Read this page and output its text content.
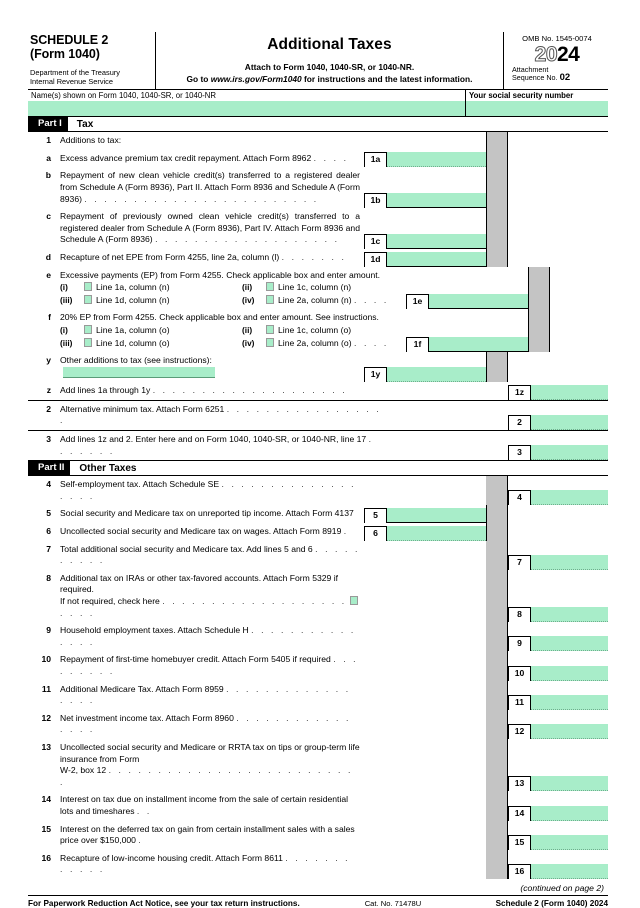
SCHEDULE 2
(Form 1040)
Department of the Treasury
Internal Revenue Service
Additional Taxes
Attach to Form 1040, 1040-SR, or 1040-NR.
Go to www.irs.gov/Form1040 for instructions and the latest information.
OMB No. 1545-0074
2024
Attachment
Sequence No. 02
Name(s) shown on Form 1040, 1040-SR, or 1040-NR	Your social security number
Part I	Tax
1	Additions to tax:
a	Excess advance premium tax credit repayment. Attach Form 8962 . . . .	1a
b	Repayment of new clean vehicle credit(s) transferred to a registered dealer from Schedule A (Form 8936), Part II. Attach Form 8936 and Schedule A (Form 8936) . . . . . . . . . . . . . . . . . . . . . . . .	1b
c	Repayment of previously owned clean vehicle credit(s) transferred to a registered dealer from Schedule A (Form 8936), Part IV. Attach Form 8936 and Schedule A (Form 8936) . . . . . . . . . . . . . . . . . . .	1c
d	Recapture of net EPE from Form 4255, line 2a, column (l) . . . . . . .	1d
e	Excessive payments (EP) from Form 4255. Check applicable box and enter amount.
(i)	Line 1a, column (n)	(ii)	Line 1c, column (n)
(iii)	Line 1d, column (n)	(iv)	Line 2a, column (n) . . . .	1e
f	20% EP from Form 4255. Check applicable box and enter amount. See instructions.
(i)	Line 1a, column (o)	(ii)	Line 1c, column (o)
(iii)	Line 1d, column (o)	(iv)	Line 2a, column (o) . . . .	1f
y	Other additions to tax (see instructions):
1y
z	Add lines 1a through 1y . . . . . . . . . . . . . . . . . . . .	1z
2	Alternative minimum tax. Attach Form 6251 . . . . . . . . . . . . . . . . .	2
3	Add lines 1z and 2. Enter here and on Form 1040, 1040-SR, or 1040-NR, line 17 . . . . . . .	3
Part II	Other Taxes
4	Self-employment tax. Attach Schedule SE . . . . . . . . . . . . . . . . . .	4
5	Social security and Medicare tax on unreported tip income. Attach Form 4137	5
6	Uncollected social security and Medicare tax on wages. Attach Form 8919 .	6
7	Total additional social security and Medicare tax. Add lines 5 and 6 . . . . . . . . . .	7
8	Additional tax on IRAs or other tax-favored accounts. Attach Form 5329 if required.
If not required, check here . . . . . . . . . . . . . . . . . . . . . . .	8
9	Household employment taxes. Attach Schedule H . . . . . . . . . . . . . . .	9
10	Repayment of first-time homebuyer credit. Attach Form 5405 if required . . . . . . . . .	10
11	Additional Medicare Tax. Attach Form 8959 . . . . . . . . . . . . . . . . .	11
12	Net investment income tax. Attach Form 8960 . . . . . . . . . . . . . . . .	12
13	Uncollected social security and Medicare or RRTA tax on tips or group-term life insurance from Form
W-2, box 12 . . . . . . . . . . . . . . . . . . . . . . . . . .	13
14	Interest on tax due on installment income from the sale of certain residential lots and timeshares . .	14
15	Interest on the deferred tax on gain from certain installment sales with a sales price over $150,000 .	15
16	Recapture of low-income housing credit. Attach Form 8611 . . . . . . . . . . . .	16
(continued on page 2)
For Paperwork Reduction Act Notice, see your tax return instructions.	Cat. No. 71478U	Schedule 2 (Form 1040) 2024
